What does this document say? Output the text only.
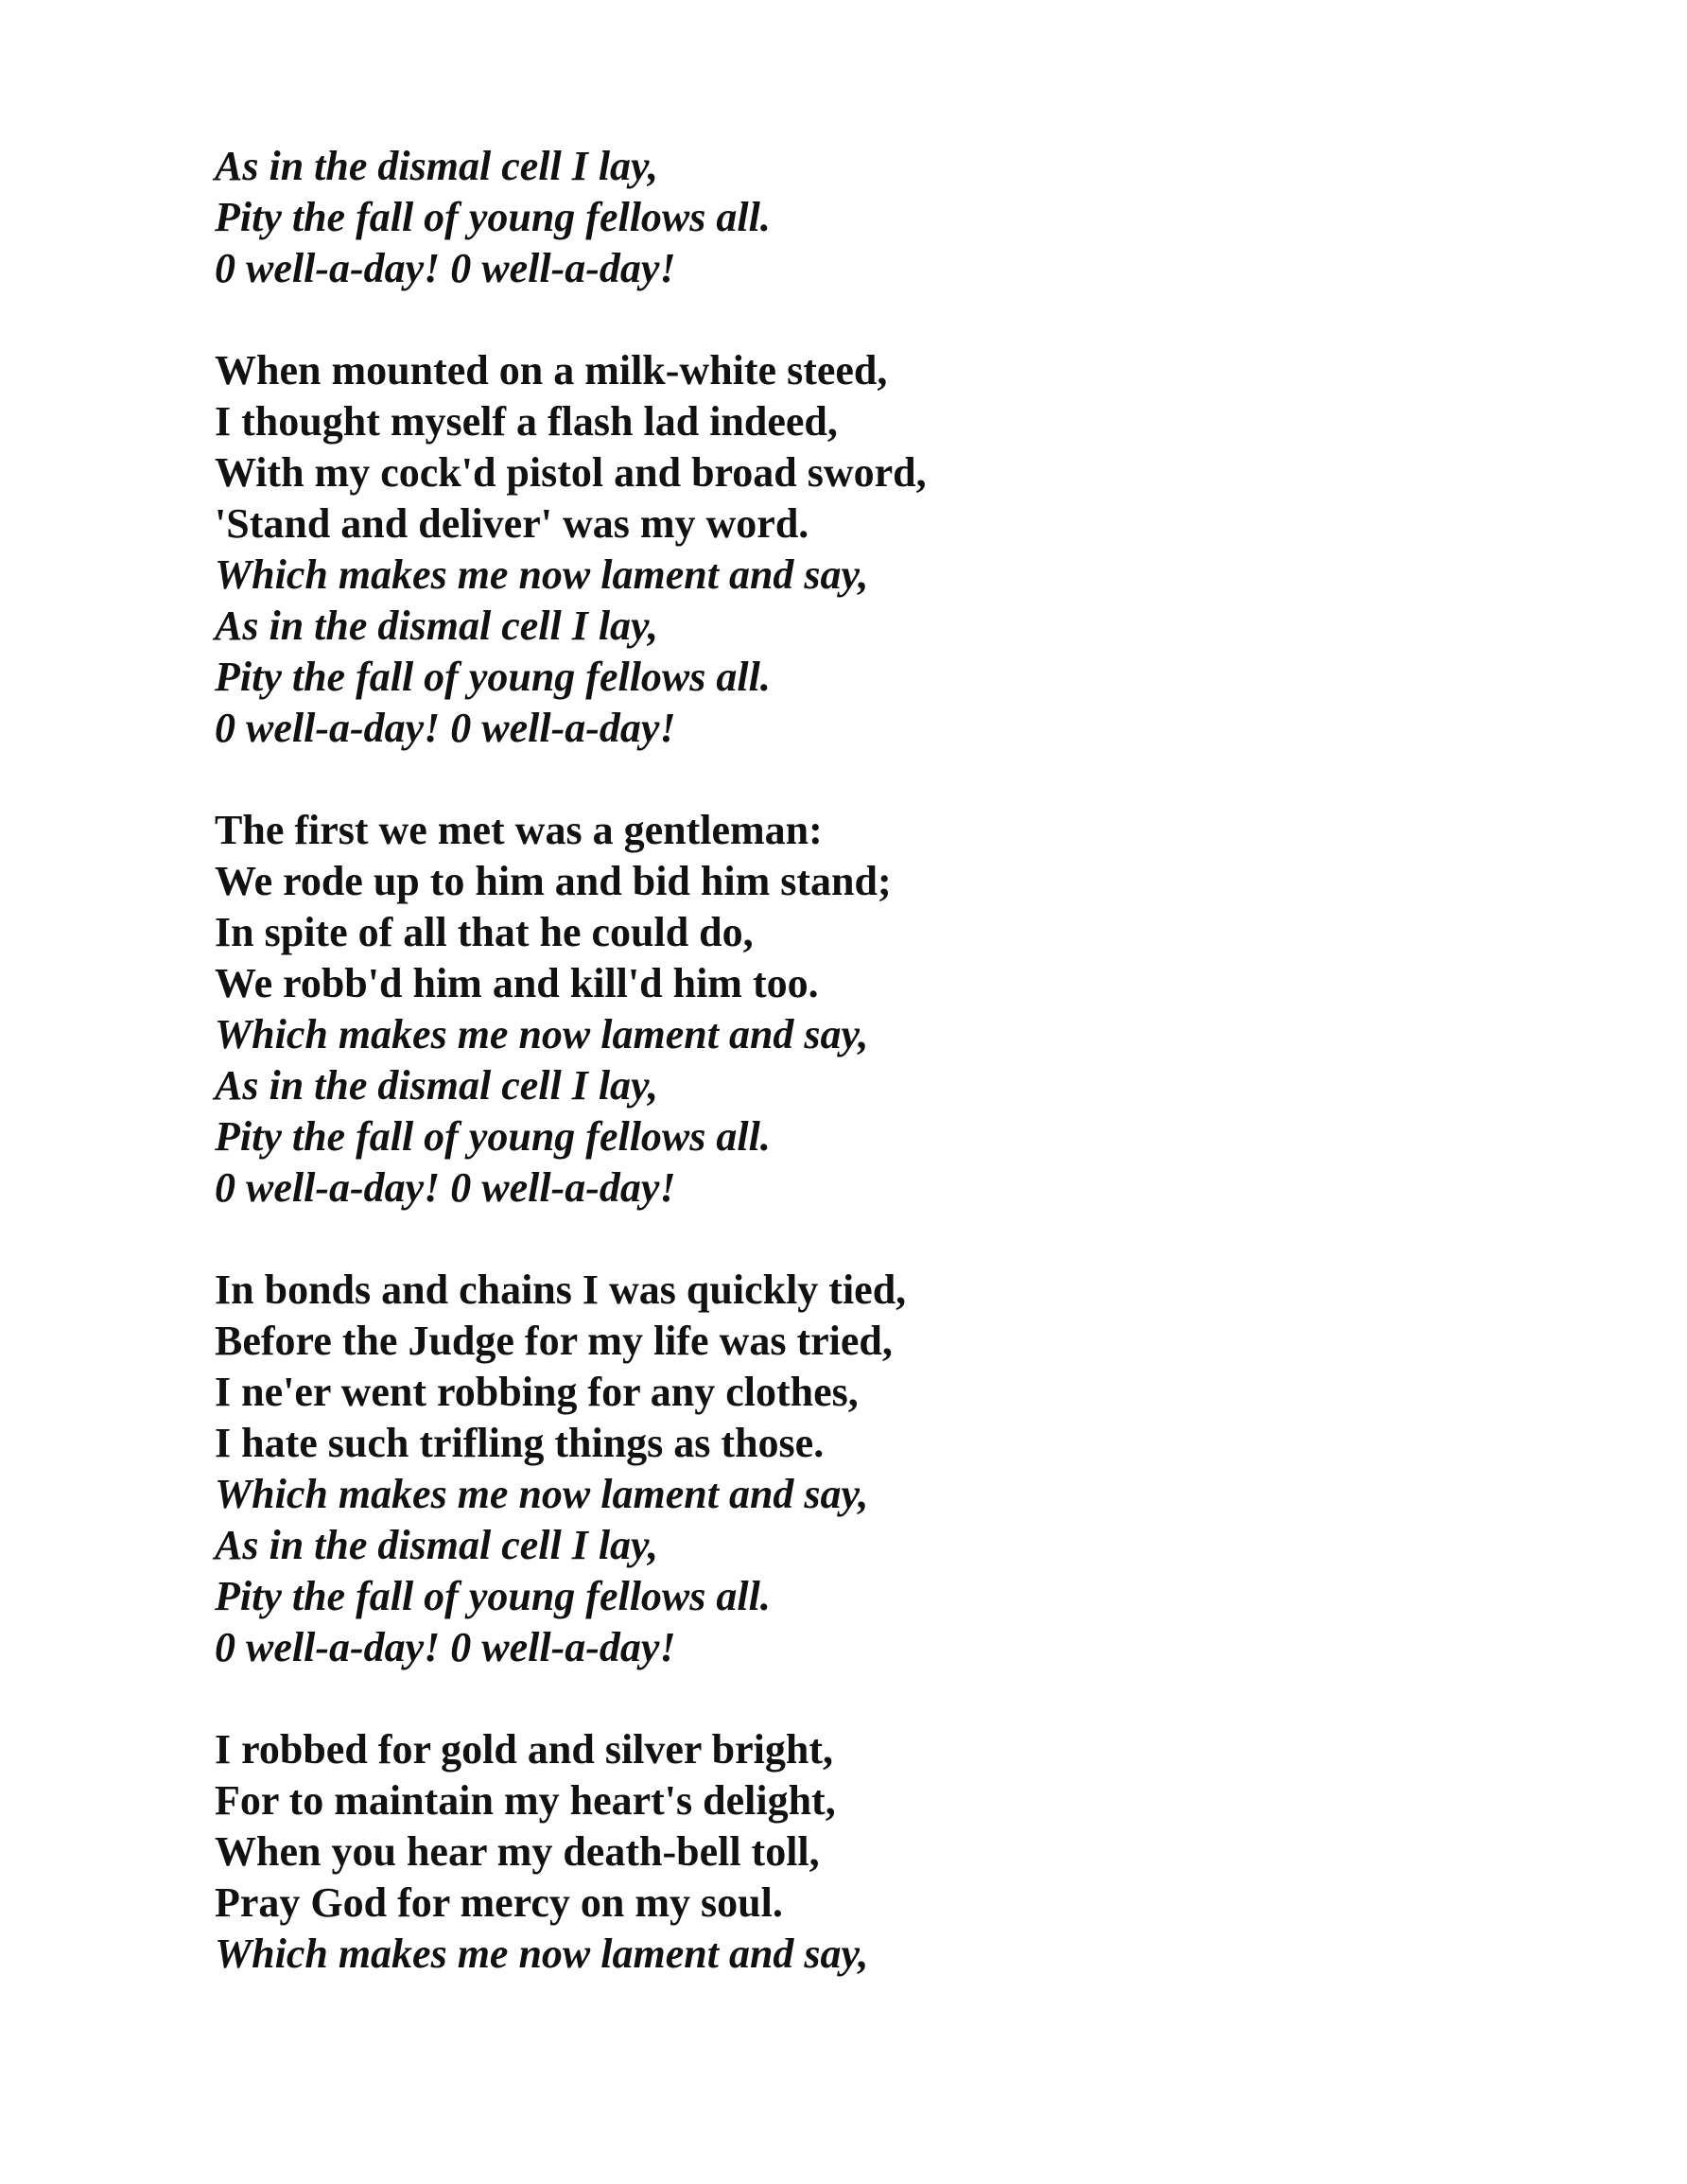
As in the dismal cell I lay,
Pity the fall of young fellows all.
0 well-a-day! 0 well-a-day!
When mounted on a milk-white steed,
I thought myself a flash lad indeed,
With my cock'd pistol and broad sword,
'Stand and deliver' was my word.
Which makes me now lament and say,
As in the dismal cell I lay,
Pity the fall of young fellows all.
0 well-a-day! 0 well-a-day!
The first we met was a gentleman:
We rode up to him and bid him stand;
In spite of all that he could do,
We robb'd him and kill'd him too.
Which makes me now lament and say,
As in the dismal cell I lay,
Pity the fall of young fellows all.
0 well-a-day! 0 well-a-day!
In bonds and chains I was quickly tied,
Before the Judge for my life was tried,
I ne'er went robbing for any clothes,
I hate such trifling things as those.
Which makes me now lament and say,
As in the dismal cell I lay,
Pity the fall of young fellows all.
0 well-a-day! 0 well-a-day!
I robbed for gold and silver bright,
For to maintain my heart's delight,
When you hear my death-bell toll,
Pray God for mercy on my soul.
Which makes me now lament and say,
